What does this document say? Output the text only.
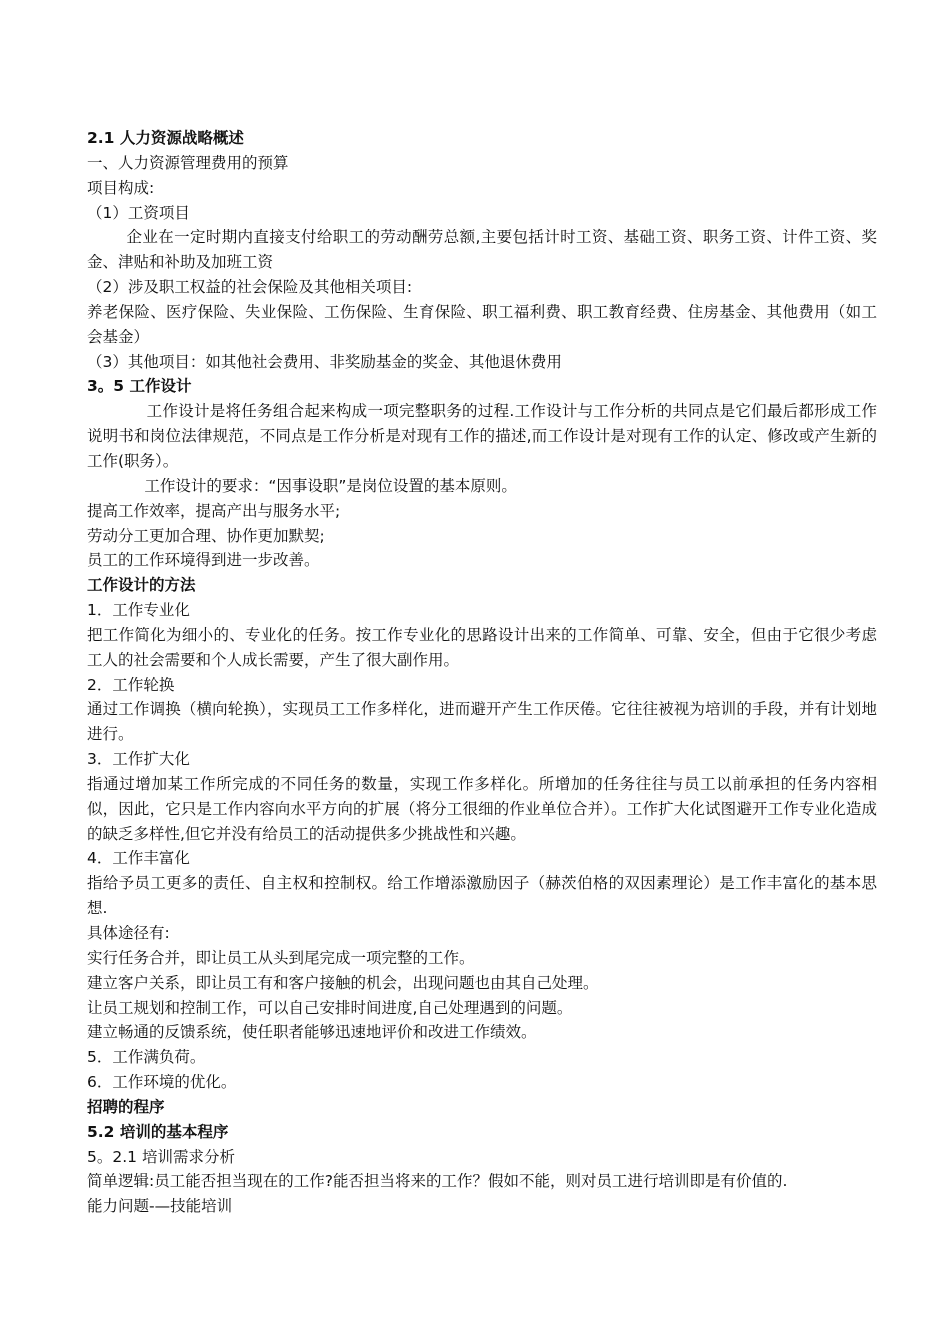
2.1 人力资源战略概述

一、人力资源管理费用的预算

项目构成:

（1）工资项目

企业在一定时期内直接支付给职工的劳动酬劳总额,主要包括计时工资、基础工资、职务工资、计件工资、奖金、津贴和补助及加班工资

（2）涉及职工权益的社会保险及其他相关项目:

养老保险、医疗保险、失业保险、工伤保险、生育保险、职工福利费、职工教育经费、住房基金、其他费用（如工会基金）

（3）其他项目：如其他社会费用、非奖励基金的奖金、其他退休费用

3。5 工作设计

工作设计是将任务组合起来构成一项完整职务的过程.工作设计与工作分析的共同点是它们最后都形成工作说明书和岗位法律规范，不同点是工作分析是对现有工作的描述,而工作设计是对现有工作的认定、修改或产生新的工作(职务）。

工作设计的要求：“因事设职”是岗位设置的基本原则。

提高工作效率，提高产出与服务水平;

劳动分工更加合理、协作更加默契;

员工的工作环境得到进一步改善。

工作设计的方法

1．工作专业化

把工作简化为细小的、专业化的任务。按工作专业化的思路设计出来的工作简单、可靠、安全，但由于它很少考虑工人的社会需要和个人成长需要，产生了很大副作用。

2．工作轮换

通过工作调换（横向轮换），实现员工工作多样化，进而避开产生工作厌倦。它往往被视为培训的手段，并有计划地进行。

3．工作扩大化

指通过增加某工作所完成的不同任务的数量，实现工作多样化。所增加的任务往往与员工以前承担的任务内容相似，因此，它只是工作内容向水平方向的扩展（将分工很细的作业单位合并）。工作扩大化试图避开工作专业化造成的缺乏多样性,但它并没有给员工的活动提供多少挑战性和兴趣。

4．工作丰富化

指给予员工更多的责任、自主权和控制权。给工作增添激励因子（赫茨伯格的双因素理论）是工作丰富化的基本思想.

具体途径有:

实行任务合并，即让员工从头到尾完成一项完整的工作。

建立客户关系，即让员工有和客户接触的机会，出现问题也由其自己处理。

让员工规划和控制工作，可以自己安排时间进度,自己处理遇到的问题。

建立畅通的反馈系统，使任职者能够迅速地评价和改进工作绩效。

5．工作满负荷。

6．工作环境的优化。

招聘的程序

5.2 培训的基本程序

5。2.1 培训需求分析

简单逻辑:员工能否担当现在的工作?能否担当将来的工作？假如不能，则对员工进行培训即是有价值的.

能力问题-—技能培训
